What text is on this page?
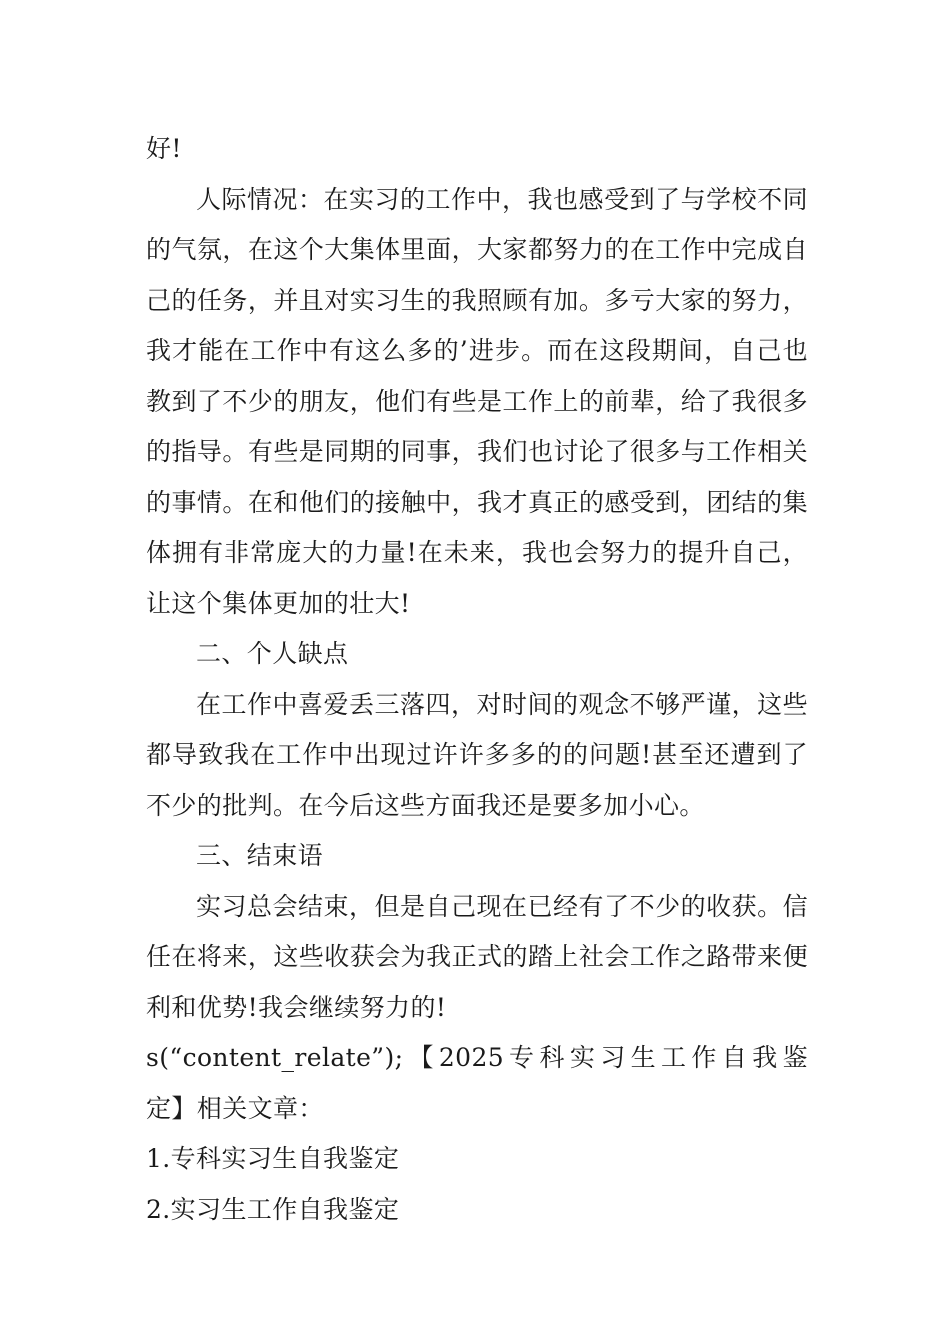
好!

人际情况：在实习的工作中，我也感受到了与学校不同的气氛，在这个大集体里面，大家都努力的在工作中完成自己的任务，并且对实习生的我照顾有加。多亏大家的努力，我才能在工作中有这么多的’进步。而在这段期间，自己也教到了不少的朋友，他们有些是工作上的前辈，给了我很多的指导。有些是同期的同事，我们也讨论了很多与工作相关的事情。在和他们的接触中，我才真正的感受到，团结的集体拥有非常庞大的力量!在未来，我也会努力的提升自己，让这个集体更加的壮大!

二、个人缺点

在工作中喜爱丢三落四，对时间的观念不够严谨，这些都导致我在工作中出现过许许多多的的问题!甚至还遭到了不少的批判。在今后这些方面我还是要多加小心。

三、结束语

实习总会结束，但是自己现在已经有了不少的收获。信任在将来，这些收获会为我正式的踏上社会工作之路带来便利和优势!我会继续努力的!

s(“content_relate”);【2025专科实习生工作自我鉴

定】相关文章：

1.专科实习生自我鉴定
2.实习生工作自我鉴定
